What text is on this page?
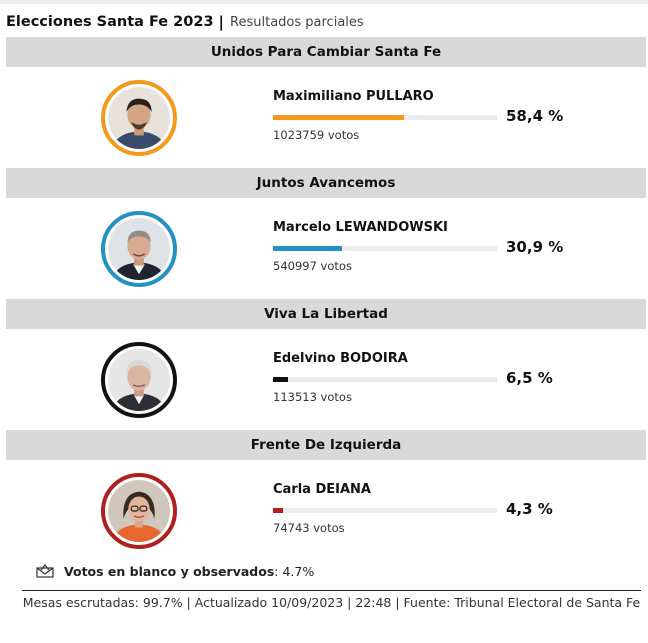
Elecciones Santa Fe 2023 | Resultados parciales
Unidos Para Cambiar Santa Fe
Maximiliano PULLARO
1023759 votos
58,4 %
Juntos Avancemos
Marcelo LEWANDOWSKI
540997 votos
30,9 %
Viva La Libertad
Edelvino BODOIRA
113513 votos
6,5 %
Frente De Izquierda
Carla DEIANA
74743 votos
4,3 %
Votos en blanco y observados : 4.7%
Mesas escrutadas: 99.7% | Actualizado 10/09/2023 | 22:48 | Fuente: Tribunal Electoral de Santa Fe
